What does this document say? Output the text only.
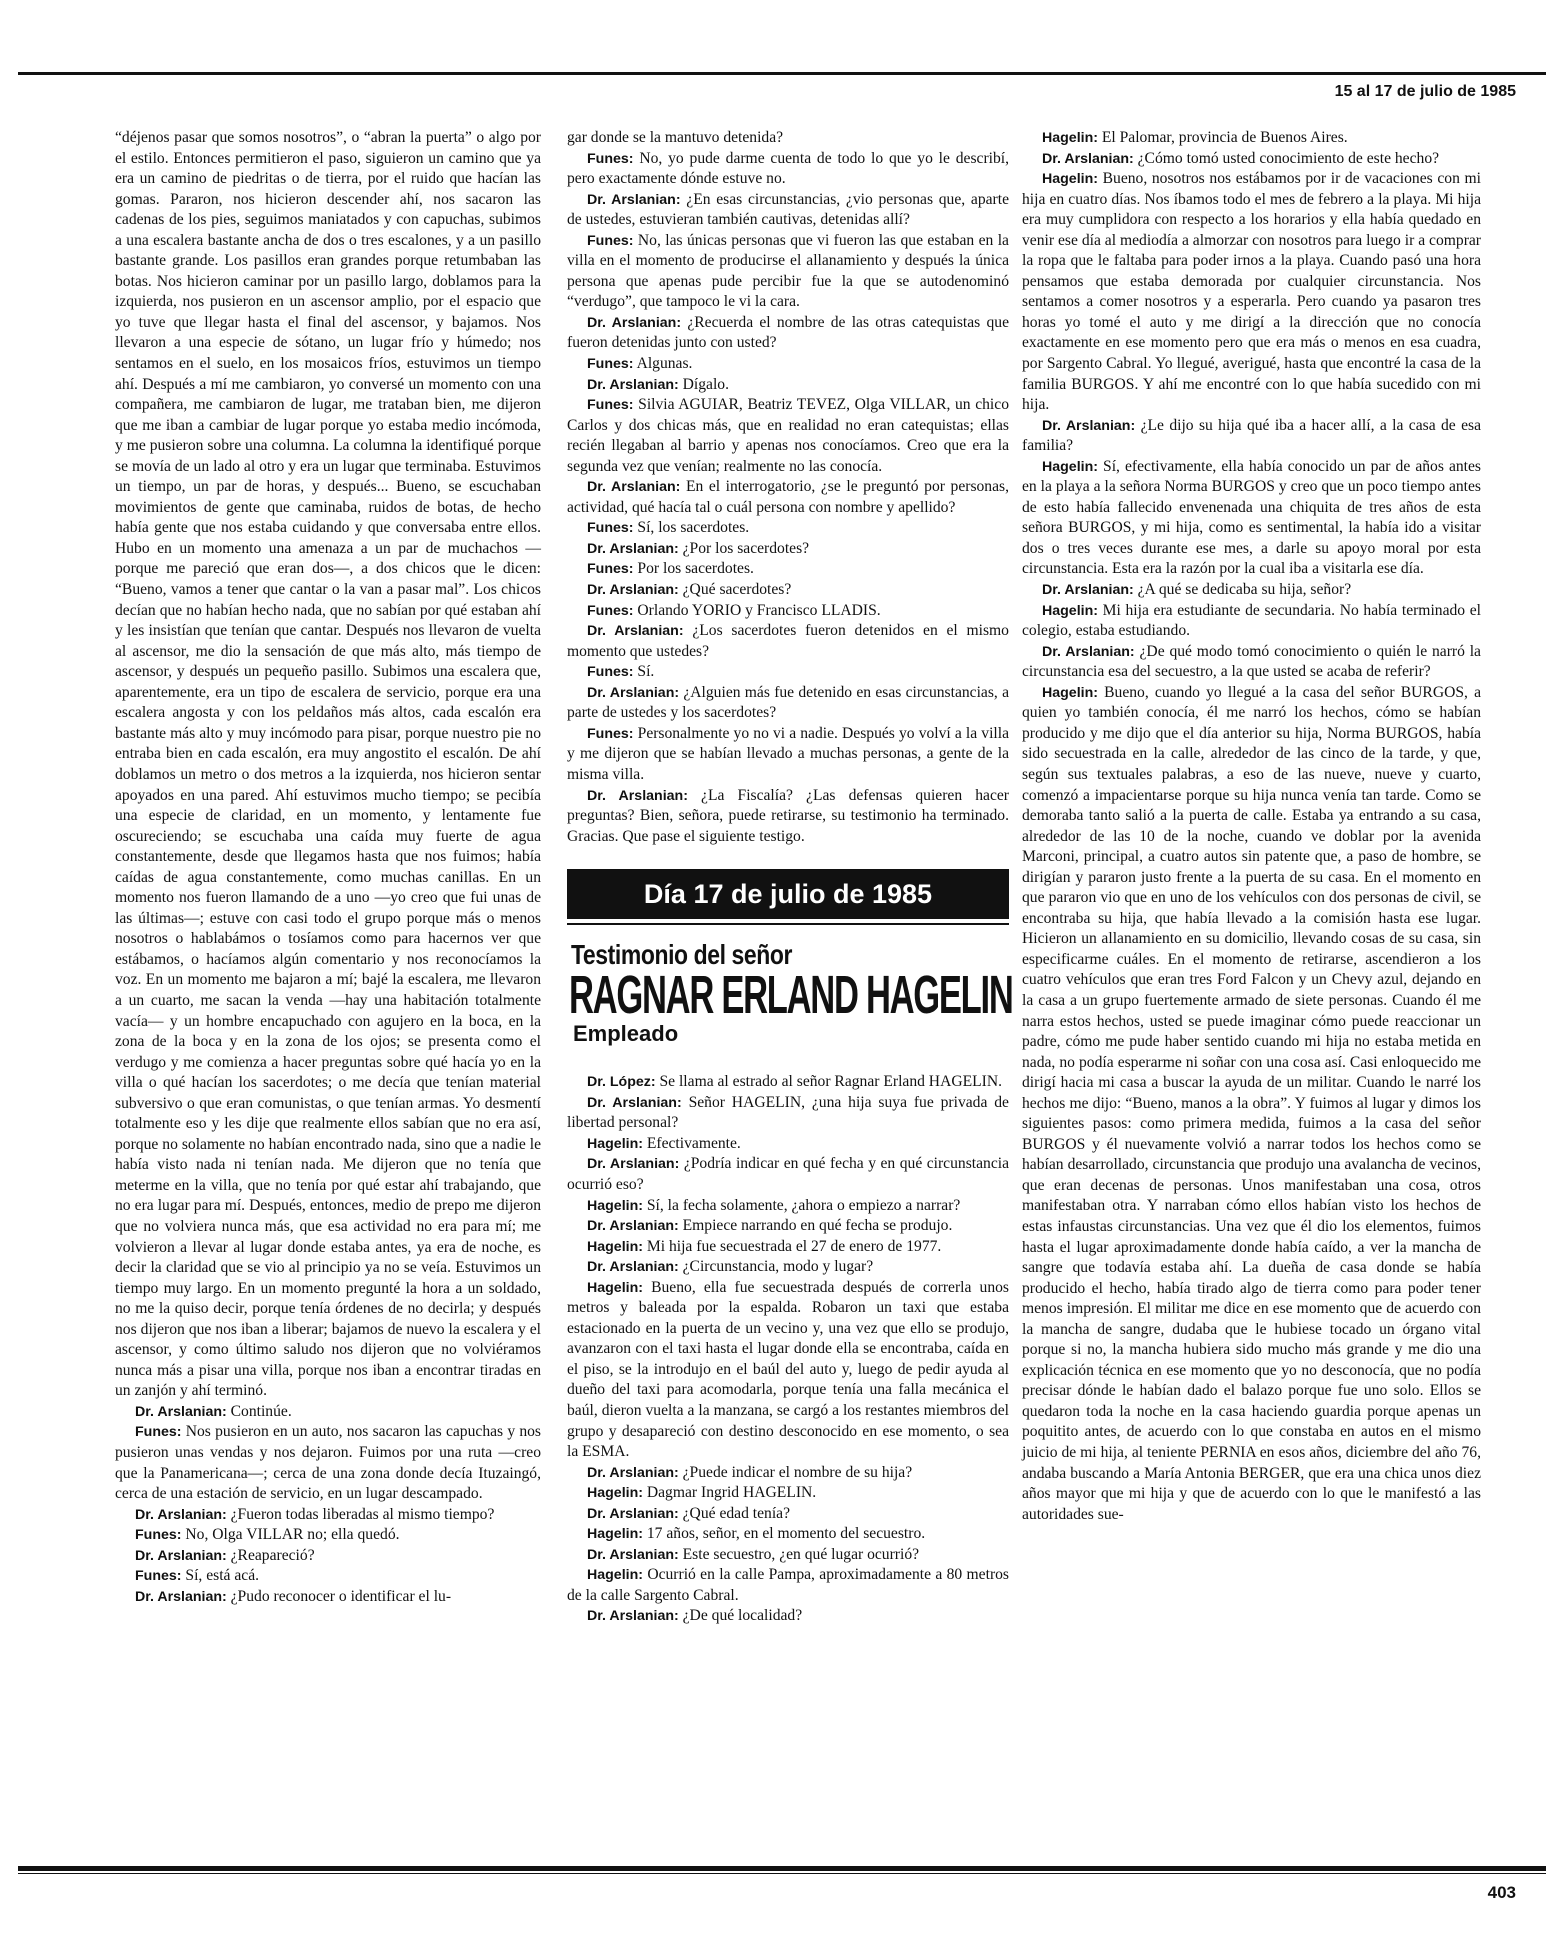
15 al 17 de julio de 1985

“déjenos pasar que somos nosotros”, o “abran la puerta” o algo por el estilo. Entonces permitieron el paso, siguieron un camino que ya era un camino de piedritas o de tierra, por el ruido que hacían las gomas. Pararon, nos hicieron descender ahí, nos sacaron las cadenas de los pies, seguimos maniatados y con capuchas, subimos a una escalera bastante ancha de dos o tres escalones, y a un pasillo bastante grande. Los pasillos eran grandes porque retumbaban las botas. Nos hicieron caminar por un pasillo largo, doblamos para la izquierda, nos pusieron en un ascensor amplio, por el espacio que yo tuve que llegar hasta el final del ascensor, y bajamos. Nos llevaron a una especie de sótano, un lugar frío y húmedo; nos sentamos en el suelo, en los mosaicos fríos, estuvimos un tiempo ahí. Después a mí me cambiaron, yo conversé un momento con una compañera, me cambiaron de lugar, me trataban bien, me dijeron que me iban a cambiar de lugar porque yo estaba medio incómoda, y me pusieron sobre una columna. La columna la identifiqué porque se movía de un lado al otro y era un lugar que terminaba. Estuvimos un tiempo, un par de horas, y después... Bueno, se escuchaban movimientos de gente que caminaba, ruidos de botas, de hecho había gente que nos estaba cuidando y que conversaba entre ellos. Hubo en un momento una amenaza a un par de muchachos —porque me pareció que eran dos—, a dos chicos que le dicen: “Bueno, vamos a tener que cantar o la van a pasar mal”. Los chicos decían que no habían hecho nada, que no sabían por qué estaban ahí y les insistían que tenían que cantar. Después nos llevaron de vuelta al ascensor, me dio la sensación de que más alto, más tiempo de ascensor, y después un pequeño pasillo. Subimos una escalera que, aparentemente, era un tipo de escalera de servicio, porque era una escalera angosta y con los peldaños más altos, cada escalón era bastante más alto y muy incómodo para pisar, porque nuestro pie no entraba bien en cada escalón, era muy angostito el escalón. De ahí doblamos un metro o dos metros a la izquierda, nos hicieron sentar apoyados en una pared. Ahí estuvimos mucho tiempo; se pecibía una especie de claridad, en un momento, y lentamente fue oscureciendo; se escuchaba una caída muy fuerte de agua constantemente, desde que llegamos hasta que nos fuimos; había caídas de agua constantemente, como muchas canillas. En un momento nos fueron llamando de a uno —yo creo que fui unas de las últimas—; estuve con casi todo el grupo porque más o menos nosotros o hablabámos o tosíamos como para hacernos ver que estábamos, o hacíamos algún comentario y nos reconocíamos la voz. En un momento me bajaron a mí; bajé la escalera, me llevaron a un cuarto, me sacan la venda —hay una habitación totalmente vacía— y un hombre encapuchado con agujero en la boca, en la zona de la boca y en la zona de los ojos; se presenta como el verdugo y me comienza a hacer preguntas sobre qué hacía yo en la villa o qué hacían los sacerdotes; o me decía que tenían material subversivo o que eran comunistas, o que tenían armas. Yo desmentí totalmente eso y les dije que realmente ellos sabían que no era así, porque no solamente no habían encontrado nada, sino que a nadie le había visto nada ni tenían nada. Me dijeron que no tenía que meterme en la villa, que no tenía por qué estar ahí trabajando, que no era lugar para mí. Después, entonces, medio de prepo me dijeron que no volviera nunca más, que esa actividad no era para mí; me volvieron a llevar al lugar donde estaba antes, ya era de noche, es decir la claridad que se vio al principio ya no se veía. Estuvimos un tiempo muy largo. En un momento pregunté la hora a un soldado, no me la quiso decir, porque tenía órdenes de no decirla; y después nos dijeron que nos iban a liberar; bajamos de nuevo la escalera y el ascensor, y como último saludo nos dijeron que no volviéramos nunca más a pisar una villa, porque nos iban a encontrar tiradas en un zanjón y ahí terminó.

Dr. Arslanian: Continúe.

Funes: Nos pusieron en un auto, nos sacaron las capuchas y nos pusieron unas vendas y nos dejaron. Fuimos por una ruta —creo que la Panamericana—; cerca de una zona donde decía Ituzaingó, cerca de una estación de servicio, en un lugar descampado.

Dr. Arslanian: ¿Fueron todas liberadas al mismo tiempo?

Funes: No, Olga VILLAR no; ella quedó.

Dr. Arslanian: ¿Reapareció?

Funes: Sí, está acá.

Dr. Arslanian: ¿Pudo reconocer o identificar el lu-

gar donde se la mantuvo detenida?

Funes: No, yo pude darme cuenta de todo lo que yo le describí, pero exactamente dónde estuve no.

Dr. Arslanian: ¿En esas circunstancias, ¿vio personas que, aparte de ustedes, estuvieran también cautivas, detenidas allí?

Funes: No, las únicas personas que vi fueron las que estaban en la villa en el momento de producirse el allanamiento y después la única persona que apenas pude percibir fue la que se autodenominó “verdugo”, que tampoco le vi la cara.

Dr. Arslanian: ¿Recuerda el nombre de las otras catequistas que fueron detenidas junto con usted?

Funes: Algunas.

Dr. Arslanian: Dígalo.

Funes: Silvia AGUIAR, Beatriz TEVEZ, Olga VILLAR, un chico Carlos y dos chicas más, que en realidad no eran catequistas; ellas recién llegaban al barrio y apenas nos conocíamos. Creo que era la segunda vez que venían; realmente no las conocía.

Dr. Arslanian: En el interrogatorio, ¿se le preguntó por personas, actividad, qué hacía tal o cuál persona con nombre y apellido?

Funes: Sí, los sacerdotes.

Dr. Arslanian: ¿Por los sacerdotes?

Funes: Por los sacerdotes.

Dr. Arslanian: ¿Qué sacerdotes?

Funes: Orlando YORIO y Francisco LLADIS.

Dr. Arslanian: ¿Los sacerdotes fueron detenidos en el mismo momento que ustedes?

Funes: Sí.

Dr. Arslanian: ¿Alguien más fue detenido en esas circunstancias, a parte de ustedes y los sacerdotes?

Funes: Personalmente yo no vi a nadie. Después yo volví a la villa y me dijeron que se habían llevado a muchas personas, a gente de la misma villa.

Dr. Arslanian: ¿La Fiscalía? ¿Las defensas quieren hacer preguntas? Bien, señora, puede retirarse, su testimonio ha terminado. Gracias. Que pase el siguiente testigo.

Día 17 de julio de 1985
Testimonio del señor
RAGNAR ERLAND HAGELIN
Empleado

Dr. López: Se llama al estrado al señor Ragnar Erland HAGELIN.

Dr. Arslanian: Señor HAGELIN, ¿una hija suya fue privada de libertad personal?

Hagelin: Efectivamente.

Dr. Arslanian: ¿Podría indicar en qué fecha y en qué circunstancia ocurrió eso?

Hagelin: Sí, la fecha solamente, ¿ahora o empiezo a narrar?

Dr. Arslanian: Empiece narrando en qué fecha se produjo.

Hagelin: Mi hija fue secuestrada el 27 de enero de 1977.

Dr. Arslanian: ¿Circunstancia, modo y lugar?

Hagelin: Bueno, ella fue secuestrada después de correrla unos metros y baleada por la espalda. Robaron un taxi que estaba estacionado en la puerta de un vecino y, una vez que ello se produjo, avanzaron con el taxi hasta el lugar donde ella se encontraba, caída en el piso, se la introdujo en el baúl del auto y, luego de pedir ayuda al dueño del taxi para acomodarla, porque tenía una falla mecánica el baúl, dieron vuelta a la manzana, se cargó a los restantes miembros del grupo y desapareció con destino desconocido en ese momento, o sea la ESMA.

Dr. Arslanian: ¿Puede indicar el nombre de su hija?

Hagelin: Dagmar Ingrid HAGELIN.

Dr. Arslanian: ¿Qué edad tenía?

Hagelin: 17 años, señor, en el momento del secuestro.

Dr. Arslanian: Este secuestro, ¿en qué lugar ocurrió?

Hagelin: Ocurrió en la calle Pampa, aproximadamente a 80 metros de la calle Sargento Cabral.

Dr. Arslanian: ¿De qué localidad?

Hagelin: El Palomar, provincia de Buenos Aires.

Dr. Arslanian: ¿Cómo tomó usted conocimiento de este hecho?

Hagelin: Bueno, nosotros nos estábamos por ir de vacaciones con mi hija en cuatro días. Nos íbamos todo el mes de febrero a la playa. Mi hija era muy cumplidora con respecto a los horarios y ella había quedado en venir ese día al mediodía a almorzar con nosotros para luego ir a comprar la ropa que le faltaba para poder irnos a la playa. Cuando pasó una hora pensamos que estaba demorada por cualquier circunstancia. Nos sentamos a comer nosotros y a esperarla. Pero cuando ya pasaron tres horas yo tomé el auto y me dirigí a la dirección que no conocía exactamente en ese momento pero que era más o menos en esa cuadra, por Sargento Cabral. Yo llegué, averigué, hasta que encontré la casa de la familia BURGOS. Y ahí me encontré con lo que había sucedido con mi hija.

Dr. Arslanian: ¿Le dijo su hija qué iba a hacer allí, a la casa de esa familia?

Hagelin: Sí, efectivamente, ella había conocido un par de años antes en la playa a la señora Norma BURGOS y creo que un poco tiempo antes de esto había fallecido envenenada una chiquita de tres años de esta señora BURGOS, y mi hija, como es sentimental, la había ido a visitar dos o tres veces durante ese mes, a darle su apoyo moral por esta circunstancia. Esta era la razón por la cual iba a visitarla ese día.

Dr. Arslanian: ¿A qué se dedicaba su hija, señor?

Hagelin: Mi hija era estudiante de secundaria. No había terminado el colegio, estaba estudiando.

Dr. Arslanian: ¿De qué modo tomó conocimiento o quién le narró la circunstancia esa del secuestro, a la que usted se acaba de referir?

Hagelin: Bueno, cuando yo llegué a la casa del señor BURGOS, a quien yo también conocía, él me narró los hechos, cómo se habían producido y me dijo que el día anterior su hija, Norma BURGOS, había sido secuestrada en la calle, alrededor de las cinco de la tarde, y que, según sus textuales palabras, a eso de las nueve, nueve y cuarto, comenzó a impacientarse porque su hija nunca venía tan tarde. Como se demoraba tanto salió a la puerta de calle. Estaba ya entrando a su casa, alrededor de las 10 de la noche, cuando ve doblar por la avenida Marconi, principal, a cuatro autos sin patente que, a paso de hombre, se dirigían y pararon justo frente a la puerta de su casa. En el momento en que pararon vio que en uno de los vehículos con dos personas de civil, se encontraba su hija, que había llevado a la comisión hasta ese lugar. Hicieron un allanamiento en su domicilio, llevando cosas de su casa, sin especificarme cuáles. En el momento de retirarse, ascendieron a los cuatro vehículos que eran tres Ford Falcon y un Chevy azul, dejando en la casa a un grupo fuertemente armado de siete personas. Cuando él me narra estos hechos, usted se puede imaginar cómo puede reaccionar un padre, cómo me pude haber sentido cuando mi hija no estaba metida en nada, no podía esperarme ni soñar con una cosa así. Casi enloquecido me dirigí hacia mi casa a buscar la ayuda de un militar. Cuando le narré los hechos me dijo: “Bueno, manos a la obra”. Y fuimos al lugar y dimos los siguientes pasos: como primera medida, fuimos a la casa del señor BURGOS y él nuevamente volvió a narrar todos los hechos como se habían desarrollado, circunstancia que produjo una avalancha de vecinos, que eran decenas de personas. Unos manifestaban una cosa, otros manifestaban otra. Y narraban cómo ellos habían visto los hechos de estas infaustas circunstancias. Una vez que él dio los elementos, fuimos hasta el lugar aproximadamente donde había caído, a ver la mancha de sangre que todavía estaba ahí. La dueña de casa donde se había producido el hecho, había tirado algo de tierra como para poder tener menos impresión. El militar me dice en ese momento que de acuerdo con la mancha de sangre, dudaba que le hubiese tocado un órgano vital porque si no, la mancha hubiera sido mucho más grande y me dio una explicación técnica en ese momento que yo no desconocía, que no podía precisar dónde le habían dado el balazo porque fue uno solo. Ellos se quedaron toda la noche en la casa haciendo guardia porque apenas un poquitito antes, de acuerdo con lo que constaba en autos en el mismo juicio de mi hija, al teniente PERNIA en esos años, diciembre del año 76, andaba buscando a María Antonia BERGER, que era una chica unos diez años mayor que mi hija y que de acuerdo con lo que le manifestó a las autoridades sue-

403
